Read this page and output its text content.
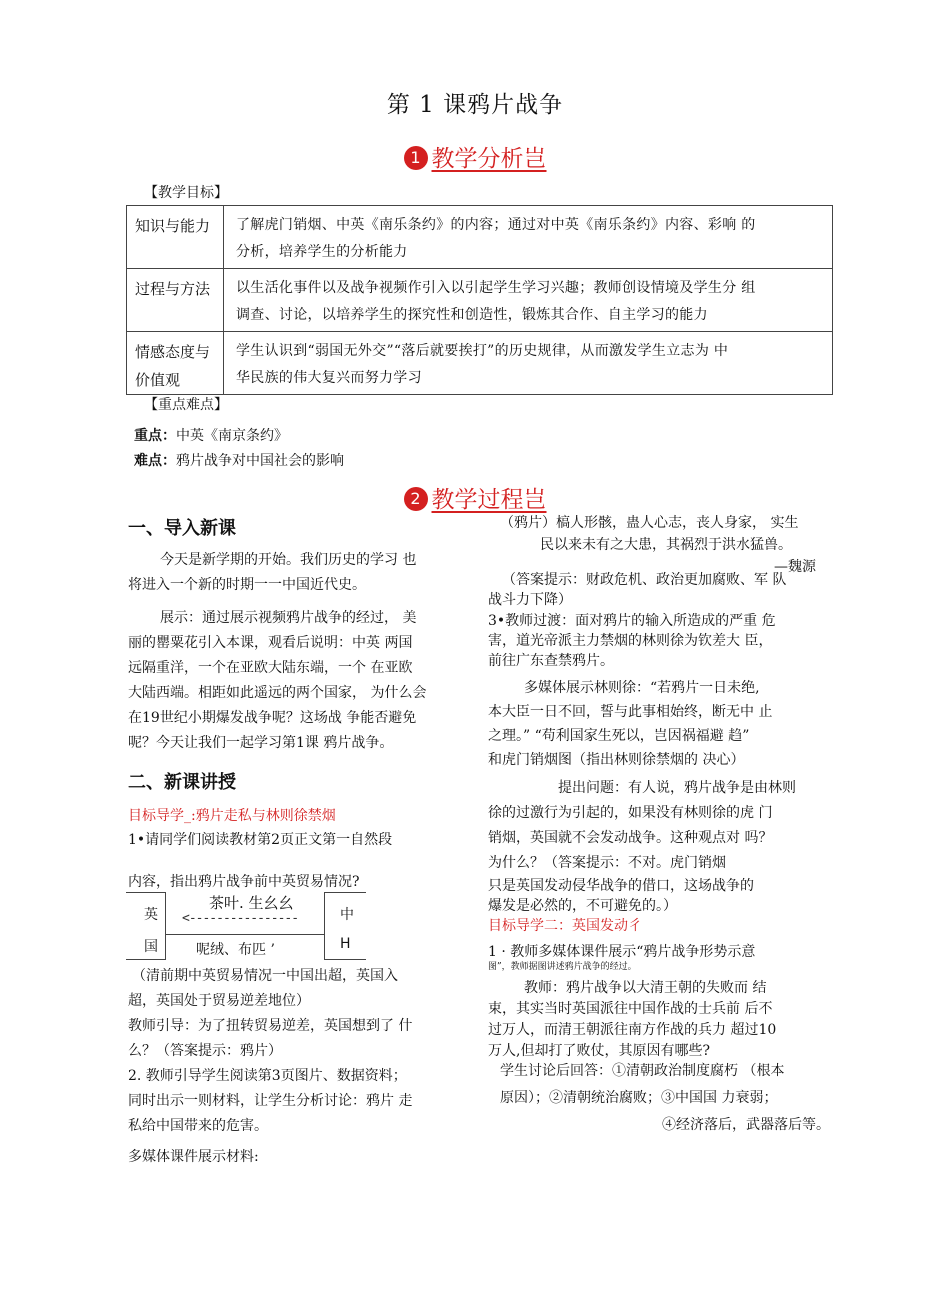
第 1 课鸦片战争
1 教学分析岂
【教学目标】
知识与能力	了解虎门销烟、中英《南乐条约》的内容；通过对中英《南乐条约》内容、彩响 的
分析，培养学生的分析能力

过程与方法	以生活化事件以及战争视频作引入以引起学生学习兴趣；教师创设情境及学生分 组
调查、讨论，以培养学生的探究性和创造性，锻炼其合作、自主学习的能力

情感态度与价值观	学生认识到“弱国无外交”“落后就要挨打”的历史规律，从而激发学生立志为 中
华民族的伟大复兴而努力学习
【重点难点】
重点：中英《南京条约》
难点：鸦片战争对中国社会的影响
2 教学过程岂
一、导入新课
今天是新学期的开始。我们历史的学习 也
将进入一个新的时期一一中国近代史。
展示：通过展示视频鸦片战争的经过， 美
丽的罌粟花引入本课，观看后说明：中英 两国
远隔重洋，一个在亚欧大陆东端，一个 在亚欧
大陆西端。相距如此遥远的两个国家， 为什么会
在19世纪小期爆发战争呢？这场战 争能否避免
呢？今天让我们一起学习第1课 鸦片战争。
二、新课讲授
目标导学_:鸦片走私与林则徐禁烟
1•请同学们阅读教材第2页正文第一自然段
内容，指出鸦片战争前中英贸易情况?
英
国
茶叶. 生幺幺
<----------------
呢绒、布匹 ’
中
H
（清前期中英贸易情况一中国出超，英国入
超，英国处于贸易逆差地位）
教师引导：为了扭转贸易逆差，英国想到了 什
么？（答案提示：鸦片）
2. 教师引导学生阅读第3页图片、数据资料；
同时出示一则材料，让学生分析讨论：鸦片 走
私给中国带来的危害。
多媒体课件展示材料:
（鸦片）槁人形骸，蛊人心志，丧人身家， 实生
民以来未有之大患，其祸烈于洪水猛兽。
—魏源
（答案提示：财政危机、政治更加腐败、军 队
战斗力下降）
3•教师过渡：面对鸦片的输入所造成的严重 危
害，道光帝派主力禁烟的林则徐为钦差大 臣，
前往广东查禁鸦片。
多媒体展示林则徐：“若鸦片一日未绝,
本大臣一日不回，誓与此事相始终，断无中 止
之理。” “苟利国家生死以，岂因祸福避 趋”
和虎门销烟图（指出林则徐禁烟的 决心）
提出问题：有人说，鸦片战争是由林则
徐的过激行为引起的，如果没有林则徐的虎 门
销烟，英国就不会发动战争。这种观点对 吗？
为什么？（答案提示：不对。虎门销烟
只是英国发动侵华战争的借口，这场战争的
爆发是必然的，不可避免的。）
目标导学二：英国发动彳
1 · 教师多媒体课件展示“鸦片战争形势示意
图”，教师据图讲述鸦片战争的经过。
教师：鸦片战争以大清王朝的失败而 结
束，其实当时英国派往中国作战的士兵前 后不
过万人，而清王朝派往南方作战的兵力 超过10
万人,但却打了败仗，其原因有哪些?
学生讨论后回答：①清朝政治制度腐朽 （根本
原因）；②清朝统治腐败；③中国国 力衰弱；
④经济落后，武器落后等。
